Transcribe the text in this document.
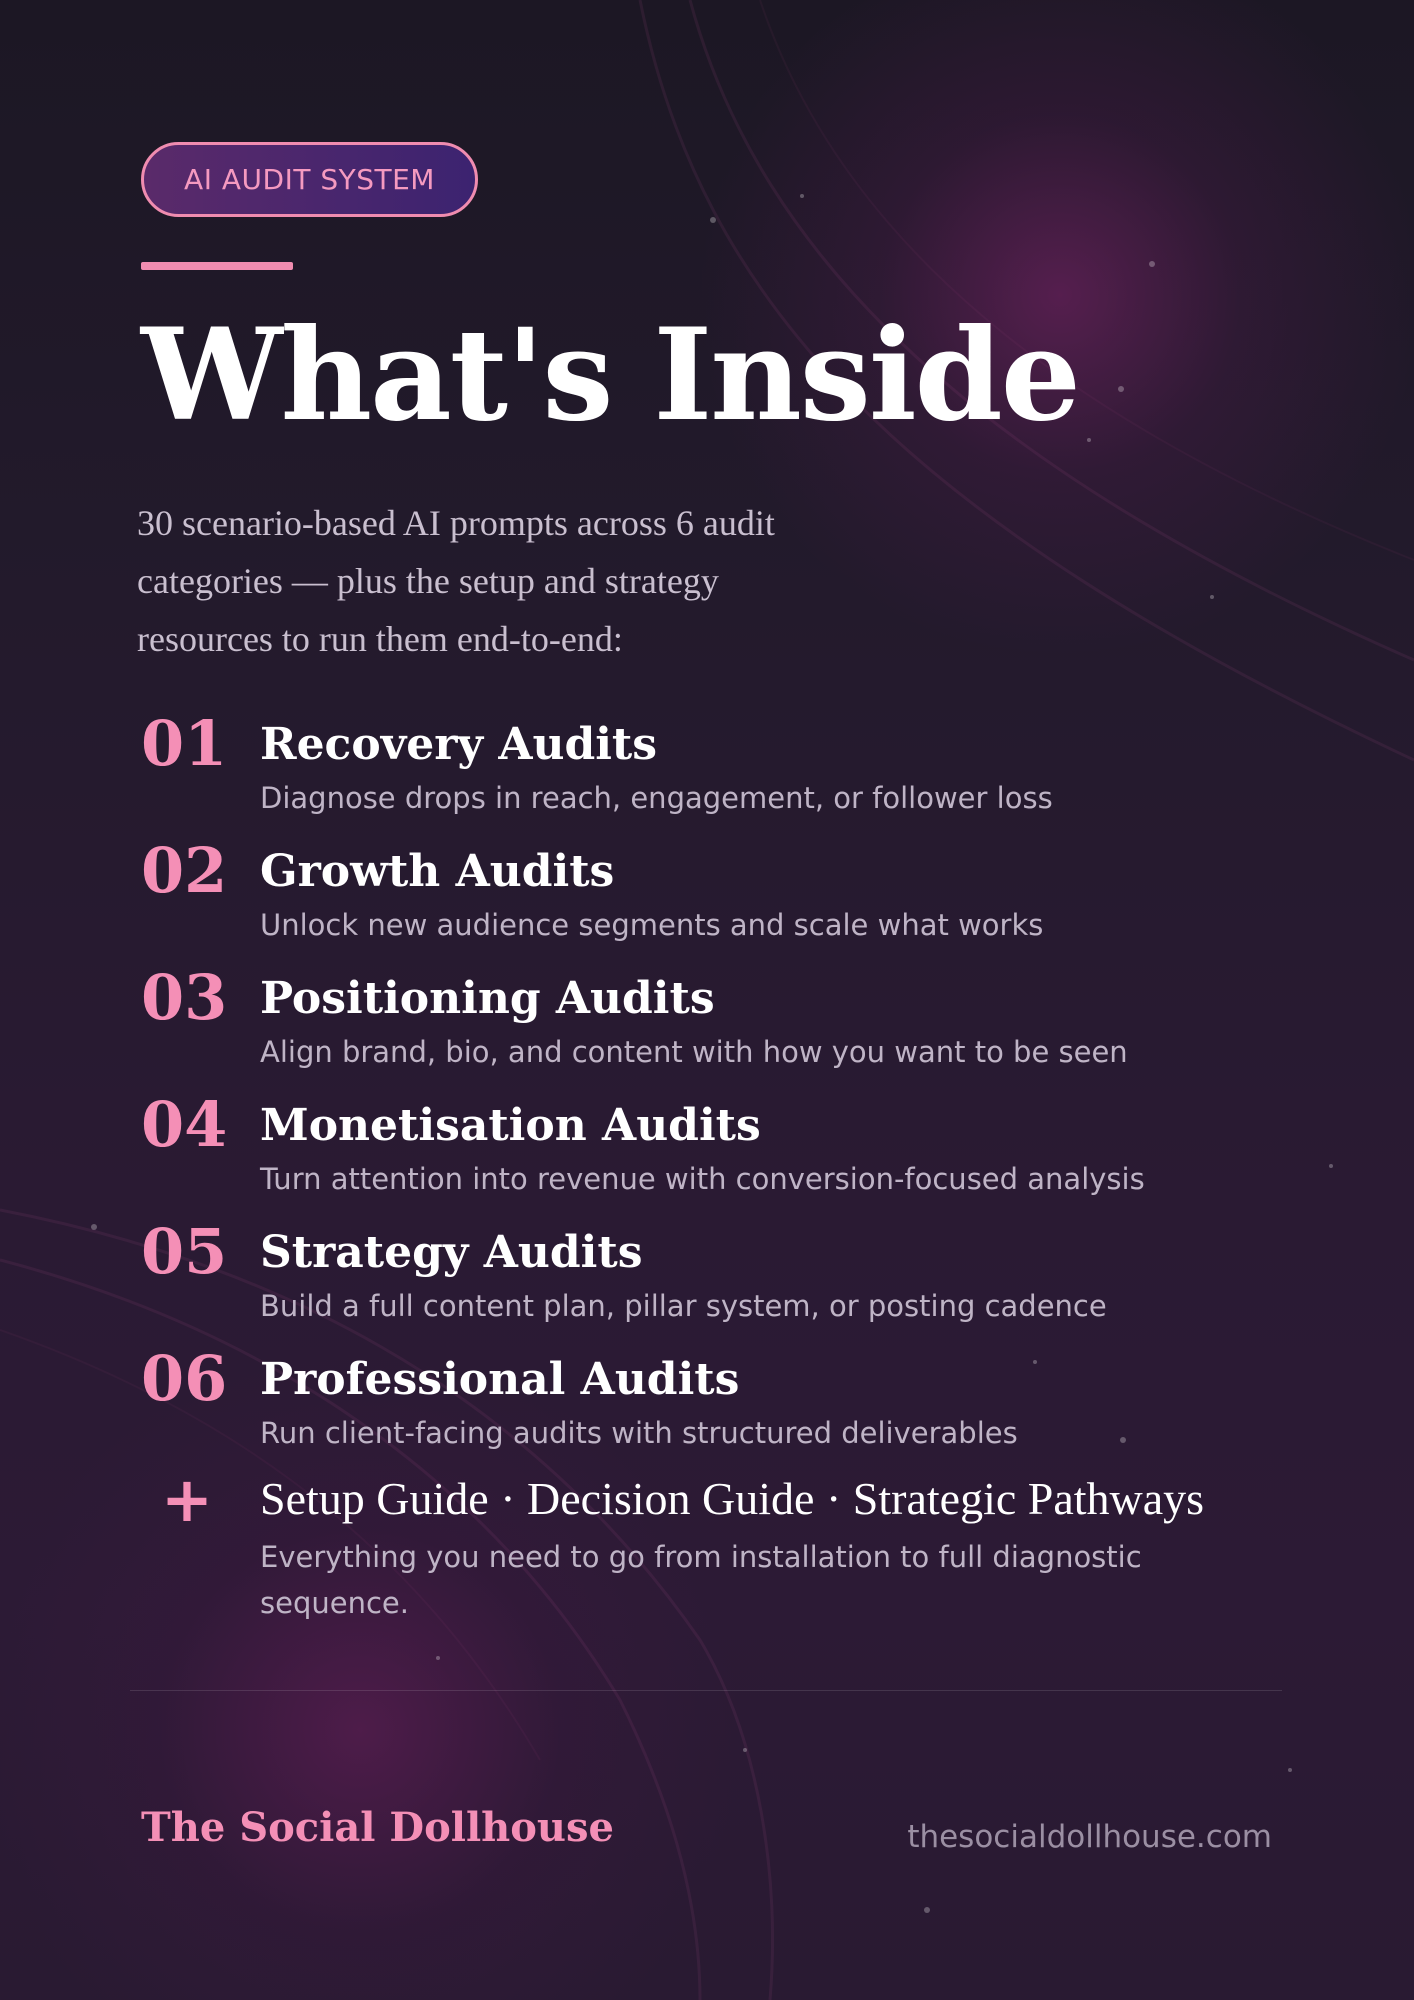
AI AUDIT SYSTEM
What's Inside

30 scenario-based AI prompts across 6 audit
categories — plus the setup and strategy
resources to run them end-to-end:

01 Recovery Audits
Diagnose drops in reach, engagement, or follower loss
02 Growth Audits
Unlock new audience segments and scale what works
03 Positioning Audits
Align brand, bio, and content with how you want to be seen
04 Monetisation Audits
Turn attention into revenue with conversion-focused analysis
05 Strategy Audits
Build a full content plan, pillar system, or posting cadence
06 Professional Audits
Run client-facing audits with structured deliverables
+ Setup Guide · Decision Guide · Strategic Pathways
Everything you need to go from installation to full diagnostic sequence.
The Social Dollhouse	thesocialdollhouse.com
